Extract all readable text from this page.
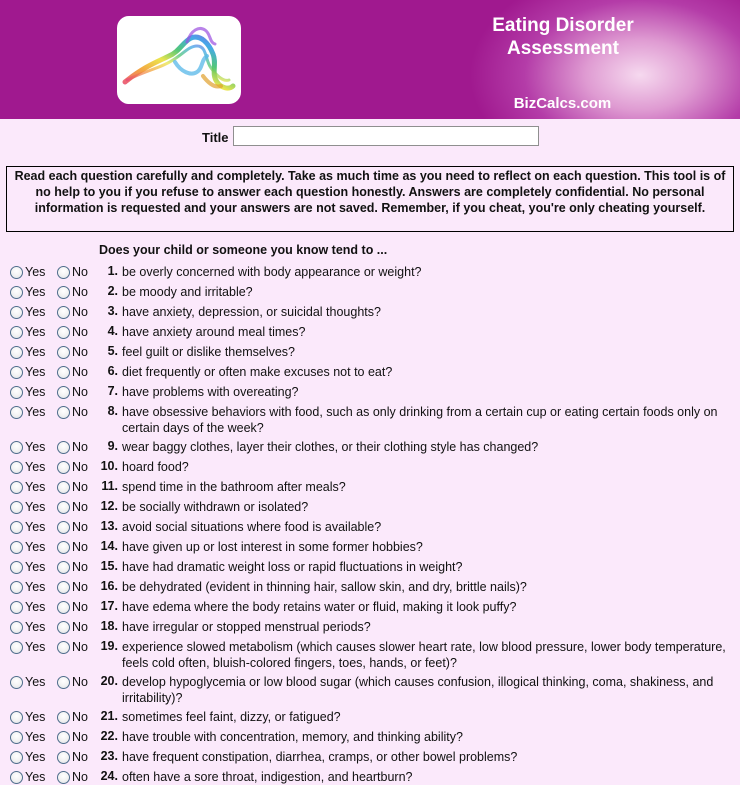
Eating Disorder
Assessment
BizCalcs.com
Title
Read each question carefully and completely. Take as much time as you need to reflect on each question. This tool is of no help to you if you refuse to answer each question honestly. Answers are completely confidential. No personal information is requested and your answers are not saved. Remember, if you cheat, you're only cheating yourself.
Does your child or someone you know tend to ...
Yes No	1. be overly concerned with body appearance or weight?
Yes No	2. be moody and irritable?
Yes No	3. have anxiety, depression, or suicidal thoughts?
Yes No	4. have anxiety around meal times?
Yes No	5. feel guilt or dislike themselves?
Yes No	6. diet frequently or often make excuses not to eat?
Yes No	7. have problems with overeating?
Yes No	8. have obsessive behaviors with food, such as only drinking from a certain cup or eating certain foods only on certain days of the week?
Yes No	9. wear baggy clothes, layer their clothes, or their clothing style has changed?
Yes No	10. hoard food?
Yes No	11. spend time in the bathroom after meals?
Yes No	12. be socially withdrawn or isolated?
Yes No	13. avoid social situations where food is available?
Yes No	14. have given up or lost interest in some former hobbies?
Yes No	15. have had dramatic weight loss or rapid fluctuations in weight?
Yes No	16. be dehydrated (evident in thinning hair, sallow skin, and dry, brittle nails)?
Yes No	17. have edema where the body retains water or fluid, making it look puffy?
Yes No	18. have irregular or stopped menstrual periods?
Yes No	19. experience slowed metabolism (which causes slower heart rate, low blood pressure, lower body temperature, feels cold often, bluish-colored fingers, toes, hands, or feet)?
Yes No	20. develop hypoglycemia or low blood sugar (which causes confusion, illogical thinking, coma, shakiness, and irritability)?
Yes No	21. sometimes feel faint, dizzy, or fatigued?
Yes No	22. have trouble with concentration, memory, and thinking ability?
Yes No	23. have frequent constipation, diarrhea, cramps, or other bowel problems?
Yes No	24. often have a sore throat, indigestion, and heartburn?
